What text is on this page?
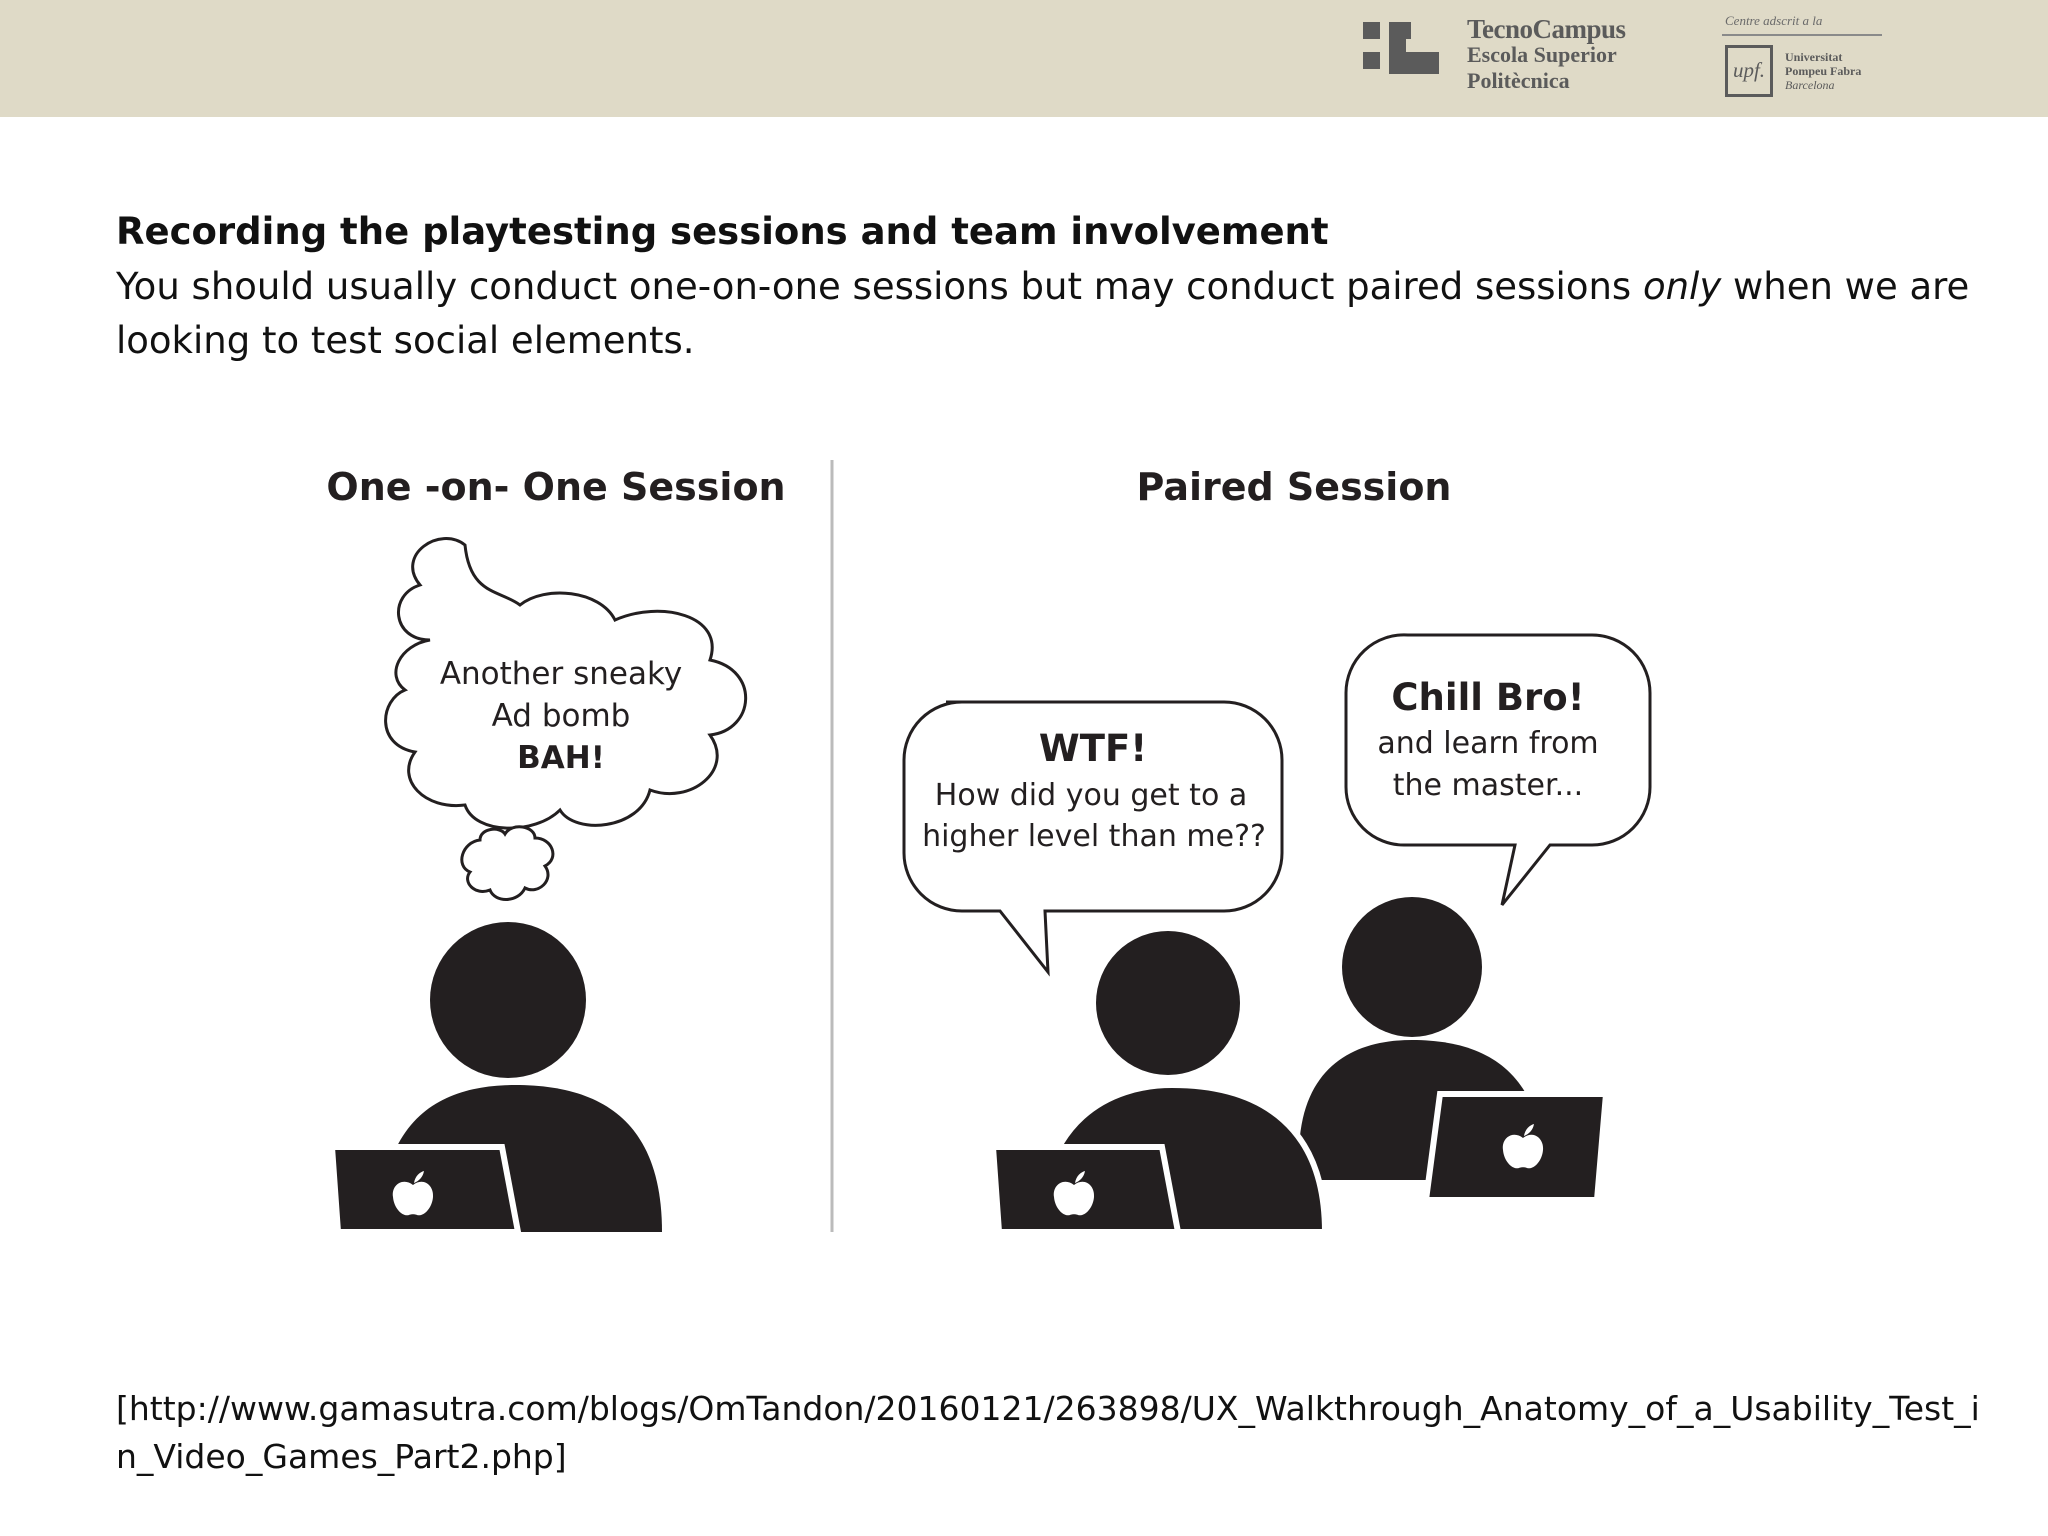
TecnoCampus
Escola Superior
Politècnica
Centre adscrit a la
upf.
Universitat
Pompeu Fabra
Barcelona
Recording the playtesting sessions and team involvement
You should usually conduct one-on-one sessions but may conduct paired sessions only when we are looking to test social elements.
One -on- One Session	Paired Session
Another sneaky
Ad bomb
BAH!	WTF!
How did you get to a
higher level than me??
Chill Bro!
and learn from
the master...
[http://www.gamasutra.com/blogs/OmTandon/20160121/263898/UX_Walkthrough_Anatomy_of_a_Usability_Test_in_Video_Games_Part2.php]
